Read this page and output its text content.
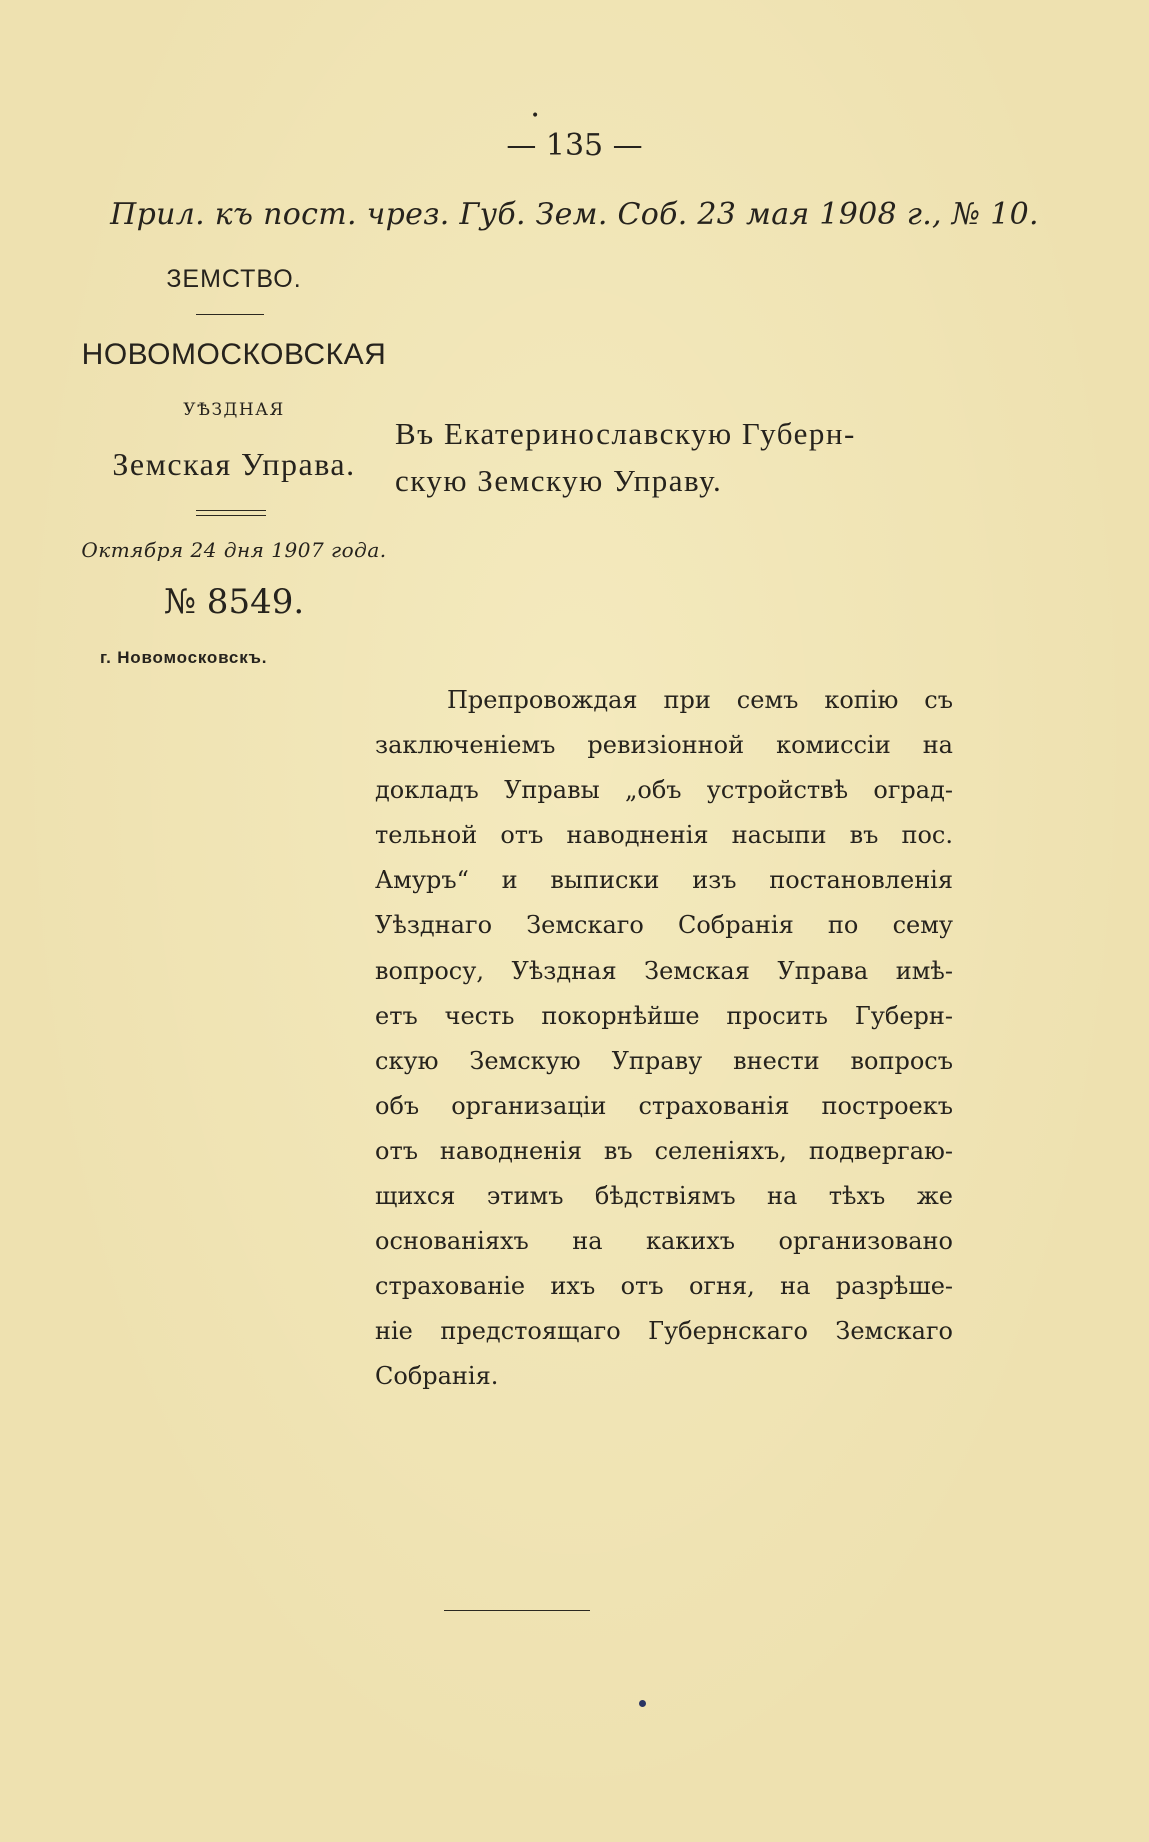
•
— 135 —
Прил. къ пост. чрез. Губ. Зем. Соб. 23 мая 1908 г., № 10.
ЗЕМСТВО.
НОВОМОСКОВСКАЯ
УѢЗДНАЯ
Земская Управа.
Октября 24 дня 1907 года.
№ 8549.
г. Новомосковскъ.
Въ Екатеринославскую Губерн-
скую Земскую Управу.
Препровождая при семъ копію съ
заключеніемъ ревизіонной комиссіи на
докладъ Управы „объ устройствѣ оград-
тельной отъ наводненія насыпи въ пос.
Амуръ“ и выписки изъ постановленія
Уѣзднаго Земскаго Собранія по сему
вопросу, Уѣздная Земская Управа имѣ-
етъ честь покорнѣйше просить Губерн-
скую Земскую Управу внести вопросъ
объ организаціи страхованія построекъ
отъ наводненія въ селеніяхъ, подвергаю-
щихся этимъ бѣдствіямъ на тѣхъ же
основаніяхъ на какихъ организовано
страхованіе ихъ отъ огня, на разрѣше-
ніе предстоящаго Губернскаго Земскаго
Собранія.
